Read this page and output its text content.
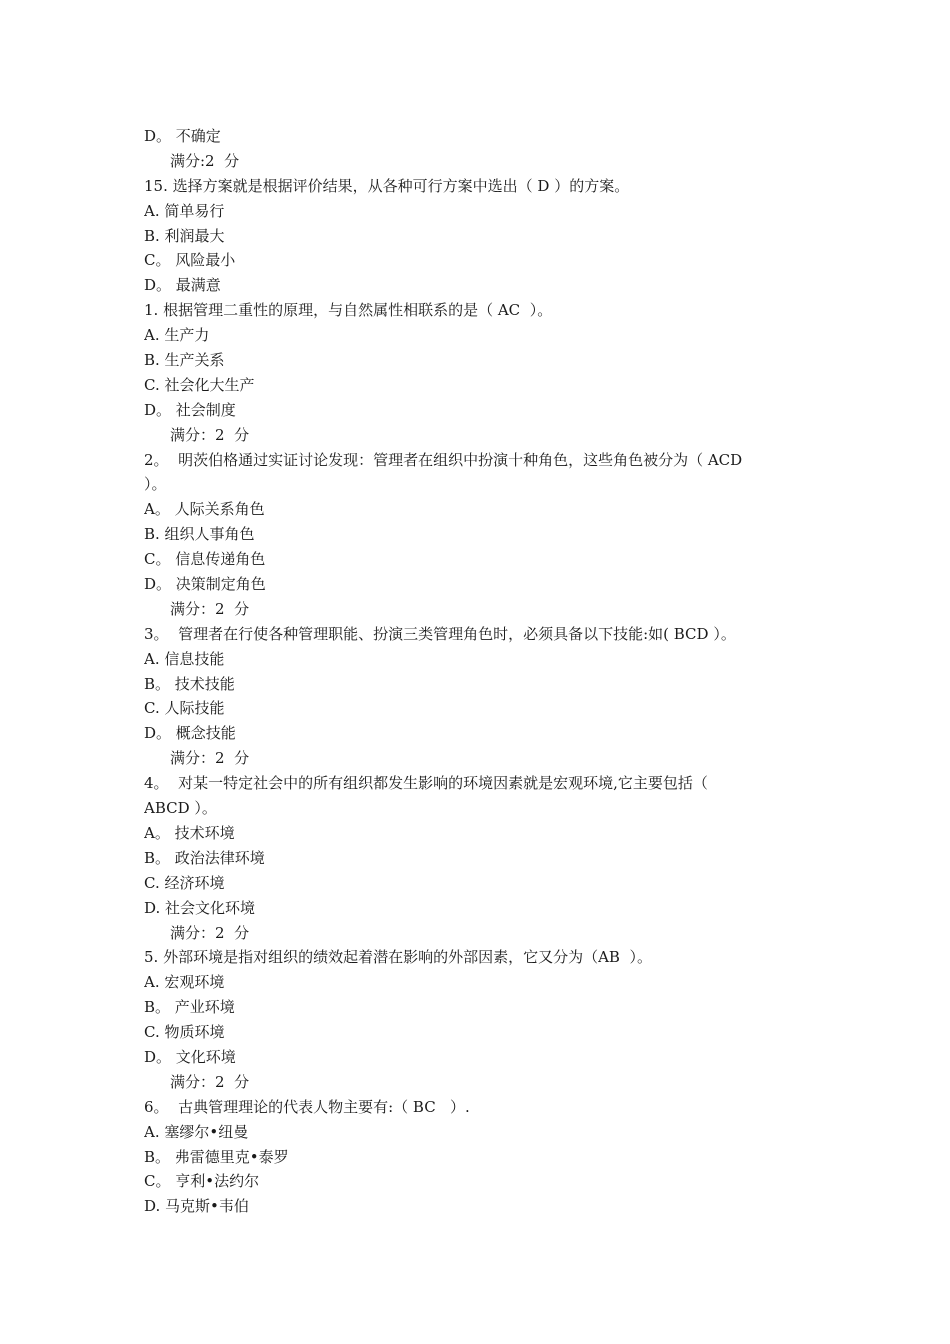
D。 不确定
满分:2  分
15. 选择方案就是根据评价结果，从各种可行方案中选出（ D ）的方案。
A. 简单易行
B. 利润最大
C。 风险最小
D。 最满意
1. 根据管理二重性的原理，与自然属性相联系的是（ AC  ）。
A. 生产力
B. 生产关系
C. 社会化大生产
D。 社会制度
满分：2  分
2。  明茨伯格通过实证讨论发现：管理者在组织中扮演十种角色，这些角色被分为（ ACD
）。
A。 人际关系角色
B. 组织人事角色
C。 信息传递角色
D。 决策制定角色
满分：2  分
3。  管理者在行使各种管理职能、扮演三类管理角色时，必须具备以下技能:如( BCD ）。
A. 信息技能
B。 技术技能
C. 人际技能
D。 概念技能
满分：2  分
4。  对某一特定社会中的所有组织都发生影响的环境因素就是宏观环境,它主要包括（
ABCD ）。
A。 技术环境
B。 政治法律环境
C. 经济环境
D. 社会文化环境
满分：2  分
5. 外部环境是指对组织的绩效起着潜在影响的外部因素，它又分为（AB  ）。
A. 宏观环境
B。 产业环境
C. 物质环境
D。 文化环境
满分：2  分
6。  古典管理理论的代表人物主要有:（ BC   ）.
A. 塞缪尔•纽曼
B。 弗雷德里克•泰罗
C。 亨利•法约尔
D. 马克斯•韦伯
